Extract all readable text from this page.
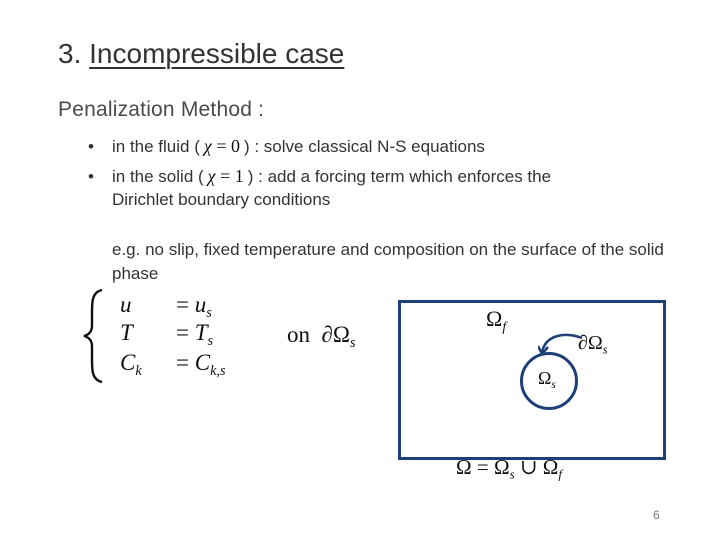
3. Incompressible case
Penalization Method :
• in the fluid ( χ = 0 ) : solve classical N-S equations
• in the solid ( χ = 1 ) : add a forcing term which enforces the
Dirichlet boundary conditions
e.g. no slip, fixed temperature and composition on the surface of the solid phase
$u = u_s$
$T = T_s$
$C_k = C_{k,s}$
on $\partial\Omega_s$
$\Omega_f$
$\partial\Omega_s$
$\Omega_s$
$\Omega = \Omega_s$ ∪ $\Omega_f$
6
